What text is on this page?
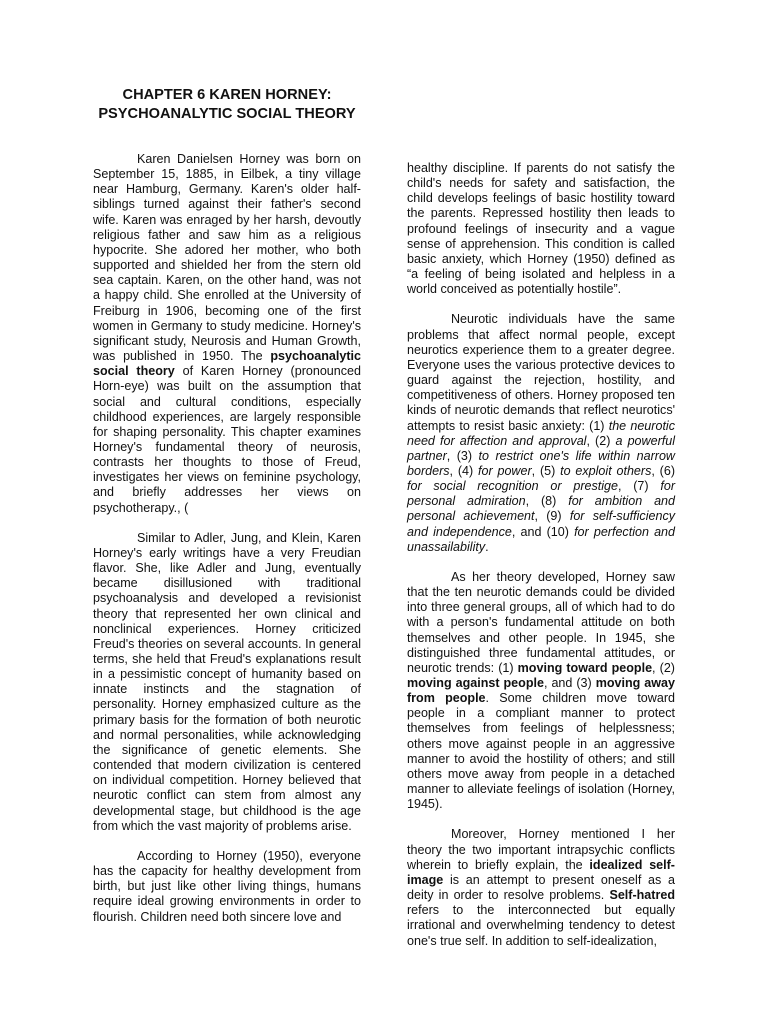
CHAPTER 6 KAREN HORNEY: PSYCHOANALYTIC SOCIAL THEORY

Karen Danielsen Horney was born on September 15, 1885, in Eilbek, a tiny village near Hamburg, Germany. Karen's older half-siblings turned against their father's second wife. Karen was enraged by her harsh, devoutly religious father and saw him as a religious hypocrite. She adored her mother, who both supported and shielded her from the stern old sea captain. Karen, on the other hand, was not a happy child. She enrolled at the University of Freiburg in 1906, becoming one of the first women in Germany to study medicine. Horney's significant study, Neurosis and Human Growth, was published in 1950. The psychoanalytic social theory of Karen Horney (pronounced Horn-eye) was built on the assumption that social and cultural conditions, especially childhood experiences, are largely responsible for shaping personality. This chapter examines Horney's fundamental theory of neurosis, contrasts her thoughts to those of Freud, investigates her views on feminine psychology, and briefly addresses her views on psychotherapy., (

Similar to Adler, Jung, and Klein, Karen Horney's early writings have a very Freudian flavor. She, like Adler and Jung, eventually became disillusioned with traditional psychoanalysis and developed a revisionist theory that represented her own clinical and nonclinical experiences. Horney criticized Freud's theories on several accounts. In general terms, she held that Freud's explanations result in a pessimistic concept of humanity based on innate instincts and the stagnation of personality. Horney emphasized culture as the primary basis for the formation of both neurotic and normal personalities, while acknowledging the significance of genetic elements. She contended that modern civilization is centered on individual competition. Horney believed that neurotic conflict can stem from almost any developmental stage, but childhood is the age from which the vast majority of problems arise.

According to Horney (1950), everyone has the capacity for healthy development from birth, but just like other living things, humans require ideal growing environments in order to flourish. Children need both sincere love and

healthy discipline. If parents do not satisfy the child's needs for safety and satisfaction, the child develops feelings of basic hostility toward the parents. Repressed hostility then leads to profound feelings of insecurity and a vague sense of apprehension. This condition is called basic anxiety, which Horney (1950) defined as “a feeling of being isolated and helpless in a world conceived as potentially hostile”.

Neurotic individuals have the same problems that affect normal people, except neurotics experience them to a greater degree. Everyone uses the various protective devices to guard against the rejection, hostility, and competitiveness of others. Horney proposed ten kinds of neurotic demands that reflect neurotics' attempts to resist basic anxiety: (1) the neurotic need for affection and approval, (2) a powerful partner, (3) to restrict one's life within narrow borders, (4) for power, (5) to exploit others, (6) for social recognition or prestige, (7) for personal admiration, (8) for ambition and personal achievement, (9) for self-sufficiency and independence, and (10) for perfection and unassailability.

As her theory developed, Horney saw that the ten neurotic demands could be divided into three general groups, all of which had to do with a person's fundamental attitude on both themselves and other people. In 1945, she distinguished three fundamental attitudes, or neurotic trends: (1) moving toward people, (2) moving against people, and (3) moving away from people. Some children move toward people in a compliant manner to protect themselves from feelings of helplessness; others move against people in an aggressive manner to avoid the hostility of others; and still others move away from people in a detached manner to alleviate feelings of isolation (Horney, 1945).

Moreover, Horney mentioned I her theory the two important intrapsychic conflicts wherein to briefly explain, the idealized self-image is an attempt to present oneself as a deity in order to resolve problems. Self-hatred refers to the interconnected but equally irrational and overwhelming tendency to detest one's true self. In addition to self-idealization,
